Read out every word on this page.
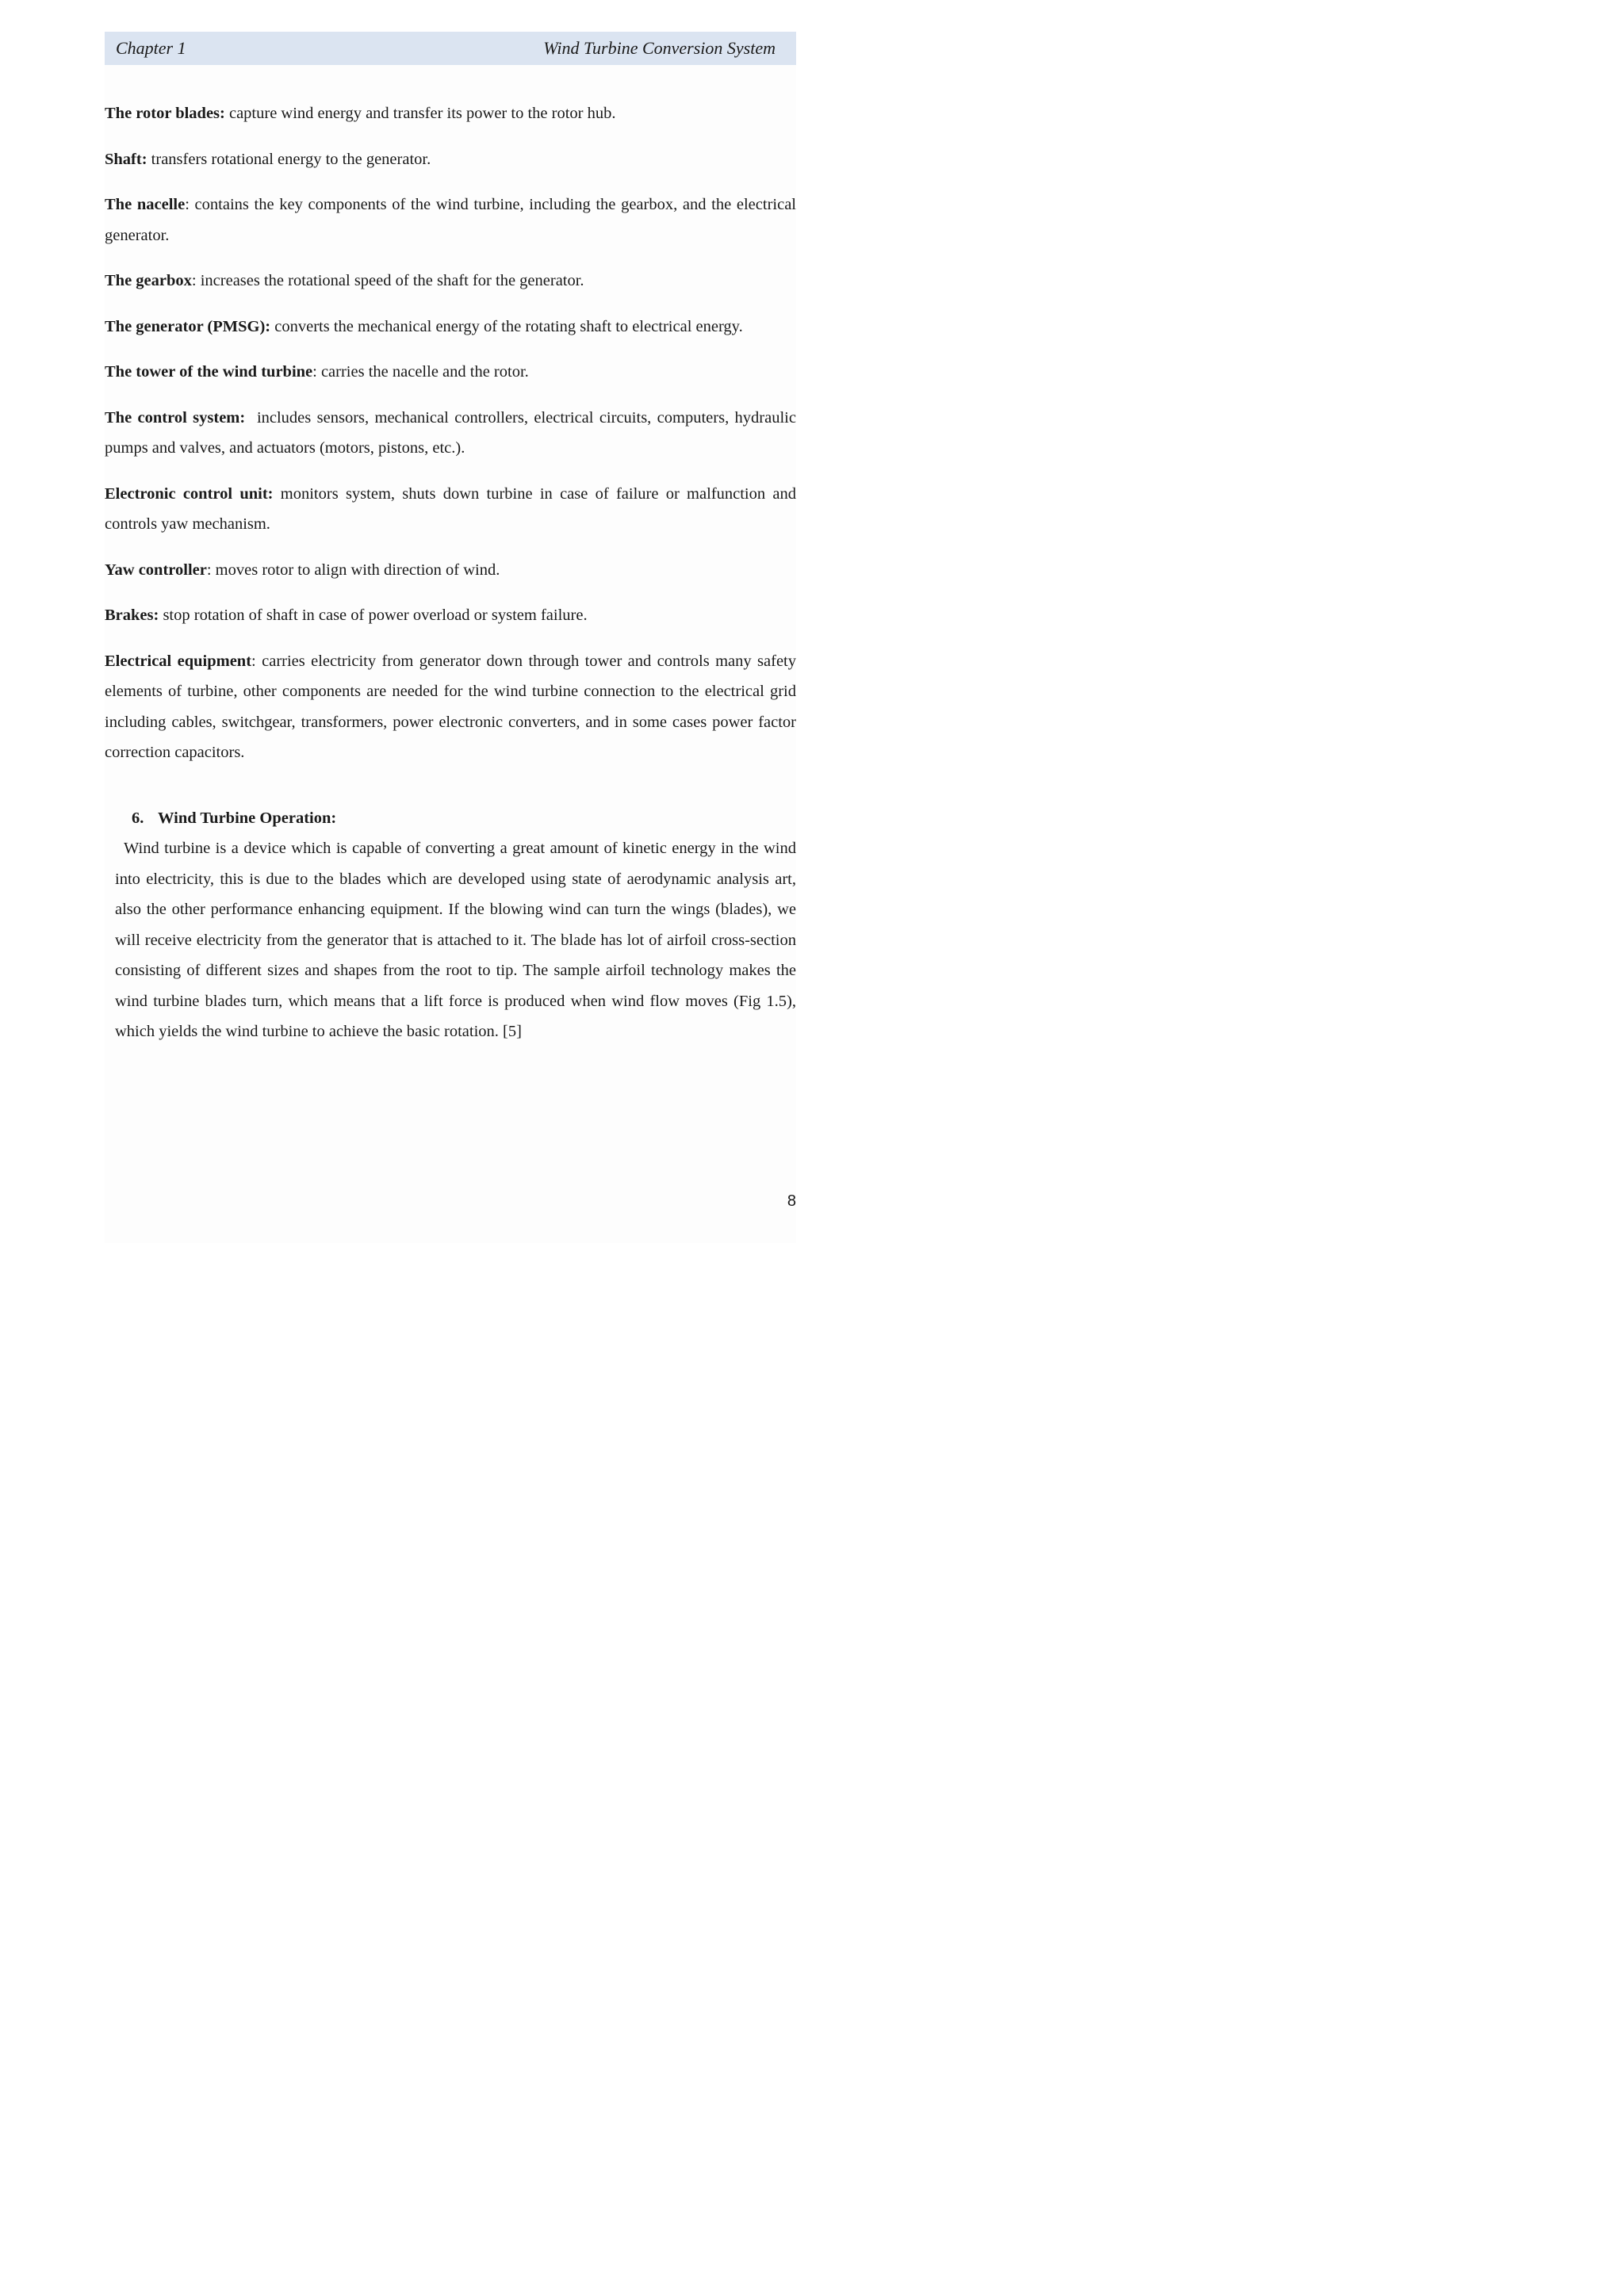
Chapter 1	Wind Turbine Conversion System

The rotor blades: capture wind energy and transfer its power to the rotor hub.

Shaft: transfers rotational energy to the generator.

The nacelle: contains the key components of the wind turbine, including the gearbox, and the electrical generator.

The gearbox: increases the rotational speed of the shaft for the generator.

The generator (PMSG): converts the mechanical energy of the rotating shaft to electrical energy.

The tower of the wind turbine: carries the nacelle and the rotor.

The control system:  includes sensors, mechanical controllers, electrical circuits, computers, hydraulic pumps and valves, and actuators (motors, pistons, etc.).

Electronic control unit: monitors system, shuts down turbine in case of failure or malfunction and controls yaw mechanism.

Yaw controller: moves rotor to align with direction of wind.

Brakes: stop rotation of shaft in case of power overload or system failure.

Electrical equipment: carries electricity from generator down through tower and controls many safety elements of turbine, other components are needed for the wind turbine connection to the electrical grid including cables, switchgear, transformers, power electronic converters, and in some cases power factor correction capacitors.

6. Wind Turbine Operation:

Wind turbine is a device which is capable of converting a great amount of kinetic energy in the wind into electricity, this is due to the blades which are developed using state of aerodynamic analysis art, also the other performance enhancing equipment. If the blowing wind can turn the wings (blades), we will receive electricity from the generator that is attached to it. The blade has lot of airfoil cross-section consisting of different sizes and shapes from the root to tip. The sample airfoil technology makes the wind turbine blades turn, which means that a lift force is produced when wind flow moves (Fig 1.5), which yields the wind turbine to achieve the basic rotation. [5]

8
